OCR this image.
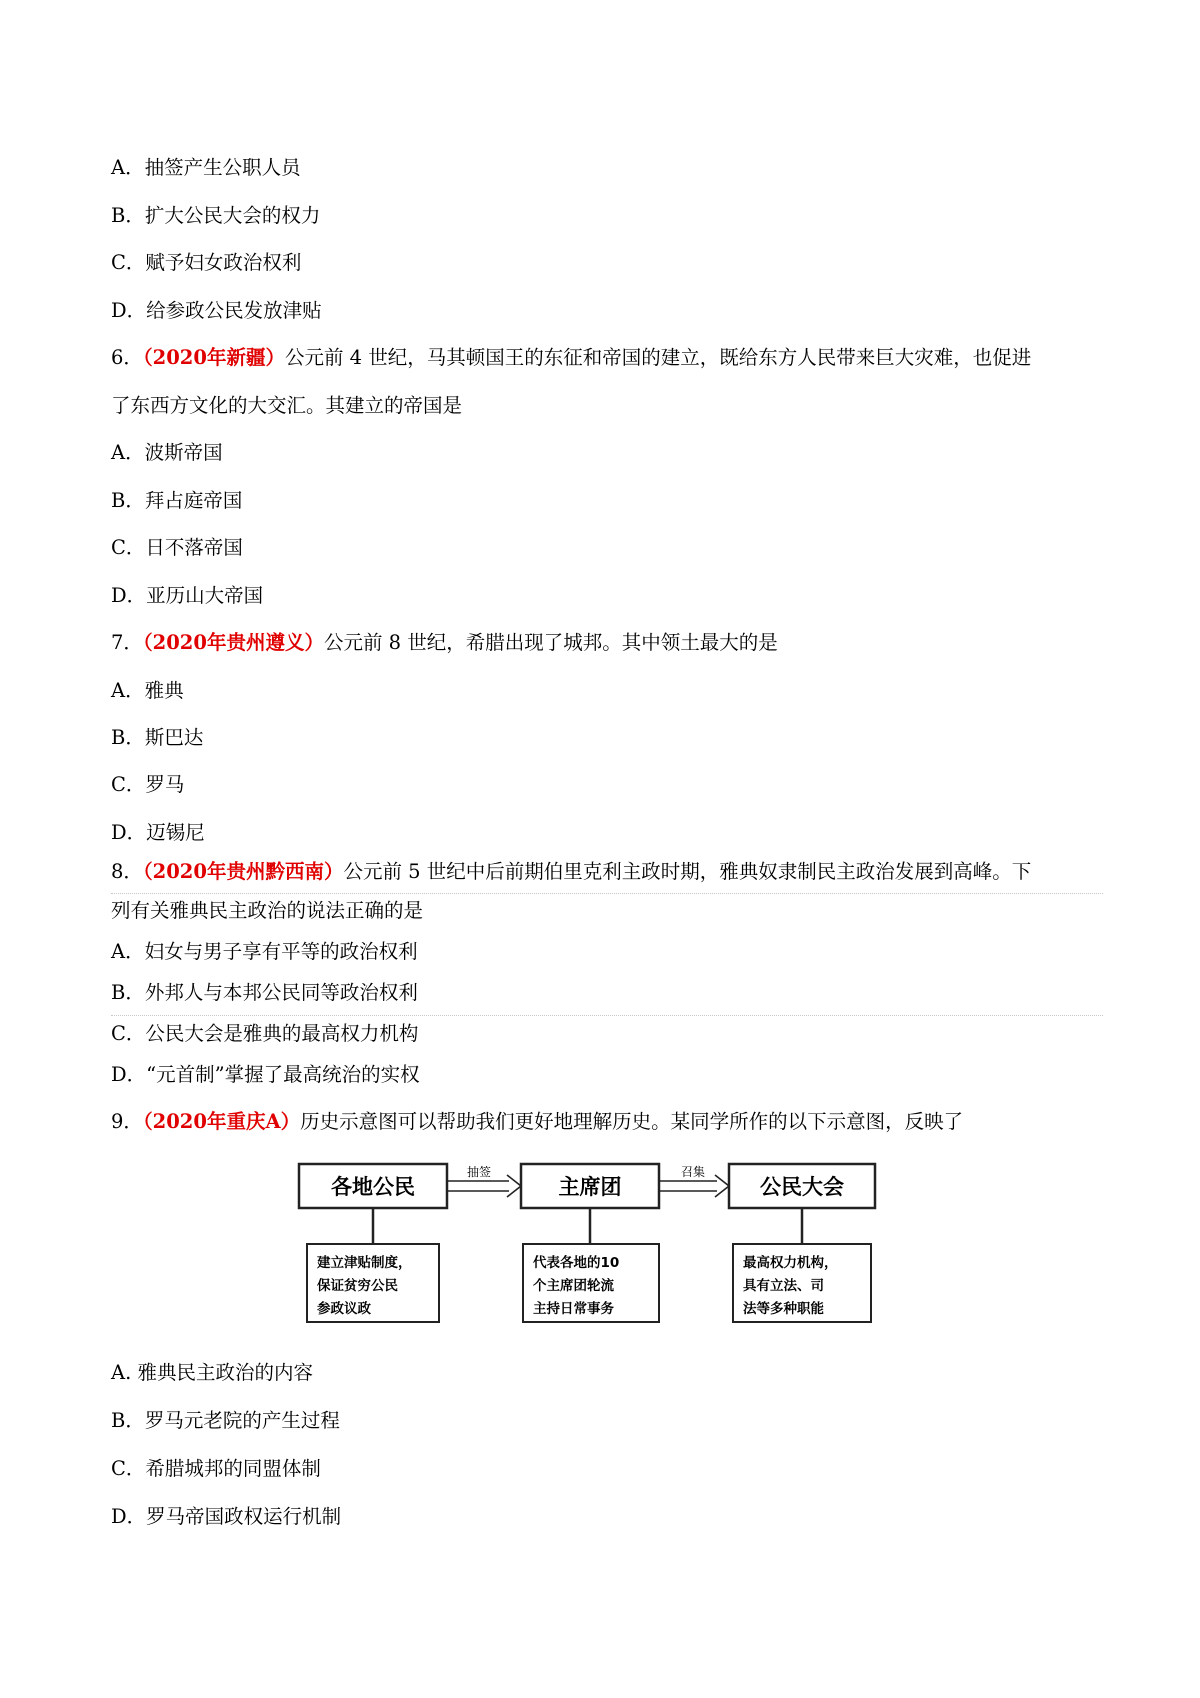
A．抽签产生公职人员
B．扩大公民大会的权力
C．赋予妇女政治权利
D．给参政公民发放津贴
6．（2020年新疆）公元前 4 世纪，马其顿国王的东征和帝国的建立，既给东方人民带来巨大灾难，也促进
了东西方文化的大交汇。其建立的帝国是
A．波斯帝国
B．拜占庭帝国
C．日不落帝国
D．亚历山大帝国
7．（2020年贵州遵义）公元前 8 世纪，希腊出现了城邦。其中领土最大的是
A．雅典
B．斯巴达
C．罗马
D．迈锡尼
8．（2020年贵州黔西南）公元前 5 世纪中后前期伯里克利主政时期，雅典奴隶制民主政治发展到高峰。下
列有关雅典民主政治的说法正确的是
A．妇女与男子享有平等的政治权利
B．外邦人与本邦公民同等政治权利
C．公民大会是雅典的最高权力机构
D．“元首制”掌握了最高统治的实权
9．（2020年重庆A）历史示意图可以帮助我们更好地理解历史。某同学所作的以下示意图，反映了
各地公民
建立津贴制度，
保证贫穷公民
参政议政
抽签
主席团
代表各地的10
个主席团轮流
主持日常事务
召集
公民大会
最高权力机构，
具有立法、司
法等多种职能
A. 雅典民主政治的内容
B．罗马元老院的产生过程
C．希腊城邦的同盟体制
D．罗马帝国政权运行机制
